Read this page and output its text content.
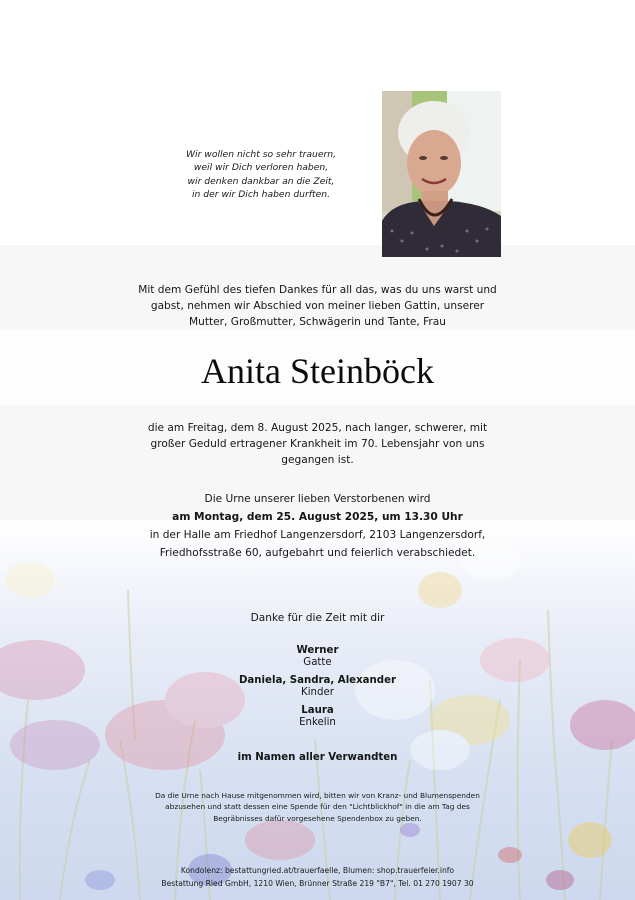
Wir wollen nicht so sehr trauern,
weil wir Dich verloren haben,
wir denken dankbar an die Zeit,
in der wir Dich haben durften.
Mit dem Gefühl des tiefen Dankes für all das, was du uns warst und
gabst, nehmen wir Abschied von meiner lieben Gattin, unserer
Mutter, Großmutter, Schwägerin und Tante, Frau
Anita Steinböck
die am Freitag, dem 8. August 2025, nach langer, schwerer, mit
großer Geduld ertragener Krankheit im 70. Lebensjahr von uns
gegangen ist.
Die Urne unserer lieben Verstorbenen wird
am Montag, dem 25. August 2025, um 13.30 Uhr
in der Halle am Friedhof Langenzersdorf, 2103 Langenzersdorf,
Friedhofsstraße 60, aufgebahrt und feierlich verabschiedet.
Danke für die Zeit mit dir
Werner
Gatte
Daniela, Sandra, Alexander
Kinder
Laura
Enkelin
im Namen aller Verwandten
Da die Urne nach Hause mitgenommen wird, bitten wir von Kranz- und Blumenspenden
abzusehen und statt dessen eine Spende für den "Lichtblickhof" in die am Tag des
Begräbnisses dafür vorgesehene Spendenbox zu geben.
Kondolenz: bestattungried.at/trauerfaelle, Blumen: shop.trauerfeier.info
Bestattung Ried GmbH, 1210 Wien, Brünner Straße 219 "B7", Tel. 01 270 1907 30
